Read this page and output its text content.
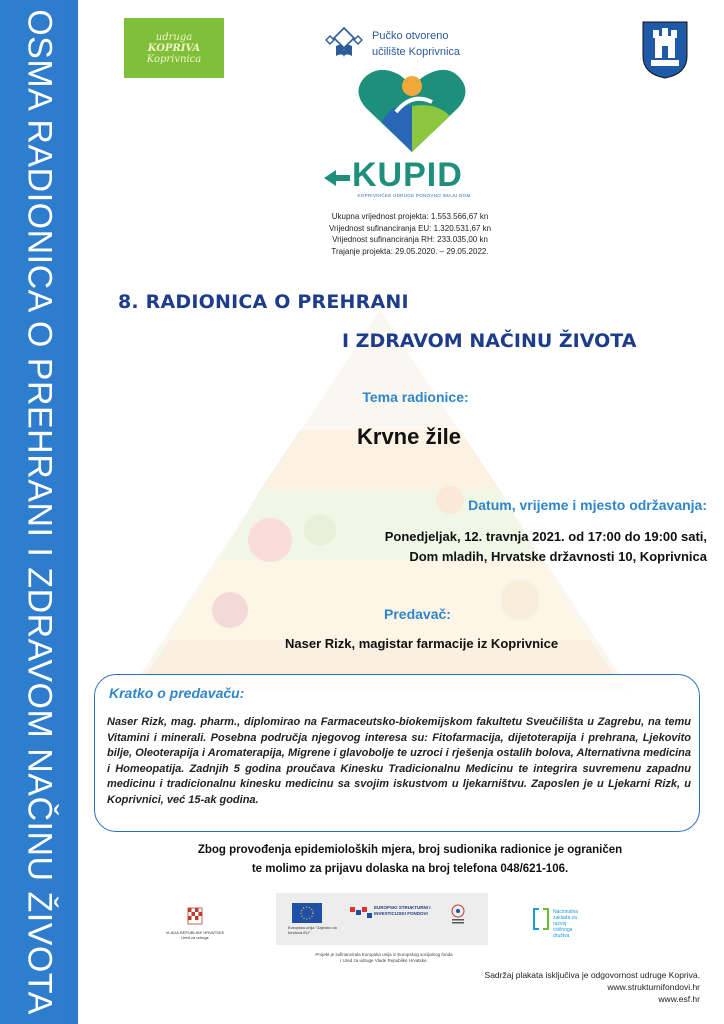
OSMA RADIONICA O PREHRANI I ZDRAVOM NAČINU ŽIVOTA	udruga
KOPRIVA
Koprivnica
Pučko otvoreno
učilište Koprivnica
KUPID
KOPRIVNIČKE UDRUGE PONOVNO IMAJU DOM
Ukupna vrijednost projekta: 1.553.566,67 kn
Vrijednost sufinanciranja EU: 1.320.531,67 kn
Vrijednost sufinanciranja RH: 233.035,00 kn
Trajanje projekta: 29.05.2020. – 29.05.2022.
8. RADIONICA O PREHRANI
I ZDRAVOM NAČINU ŽIVOTA
Tema radionice:
Krvne žile
Datum, vrijeme i mjesto održavanja:
Ponedjeljak, 12. travnja 2021. od 17:00 do 19:00 sati,
Dom mladih, Hrvatske državnosti 10, Koprivnica
Predavač:
Naser Rizk, magistar farmacije iz Koprivnice
Kratko o predavaču:
Naser Rizk, mag. pharm., diplomirao na Farmaceutsko-biokemijskom fakultetu Sveučilišta u Zagrebu, na temu Vitamini i minerali. Posebna područja njegovog interesa su: Fitofarmacija, dijetoterapija i prehrana, Ljekovito bilje, Oleoterapija i Aromaterapija, Migrene i glavobolje te uzroci i rješenja ostalih bolova, Alternativna medicina i Homeopatija. Zadnjih 5 godina proučava Kinesku Tradicionalnu Medicinu te integrira suvremenu zapadnu medicinu i tradicionalnu kinesku medicinu sa svojim iskustvom u ljekarništvu. Zaposlen je u Ljekarni Rizk, u Koprivnici, već 15-ak godina.
Zbog provođenja epidemioloških mjera, broj sudionika radionice je ograničen
te molimo za prijavu dolaska na broj telefona 048/621-106.
VLADA REPUBLIKE HRVATSKE
Ured za udruge
Europska unija "Zajedno do fondova EU"
EUROPSKI STRUKTURNI I INVESTICIJSKI FONDOVI
Projekt je sufinancirala Europska unija iz Europskog socijalnog fonda
i Ured za udruge Vlade Republike Hrvatske.
Nacionalna
zaklada za
razvoj
civilnoga
društva
Sadržaj plakata isključiva je odgovornost udruge Kopriva.
www.strukturnifondovi.hr
www.esf.hr
